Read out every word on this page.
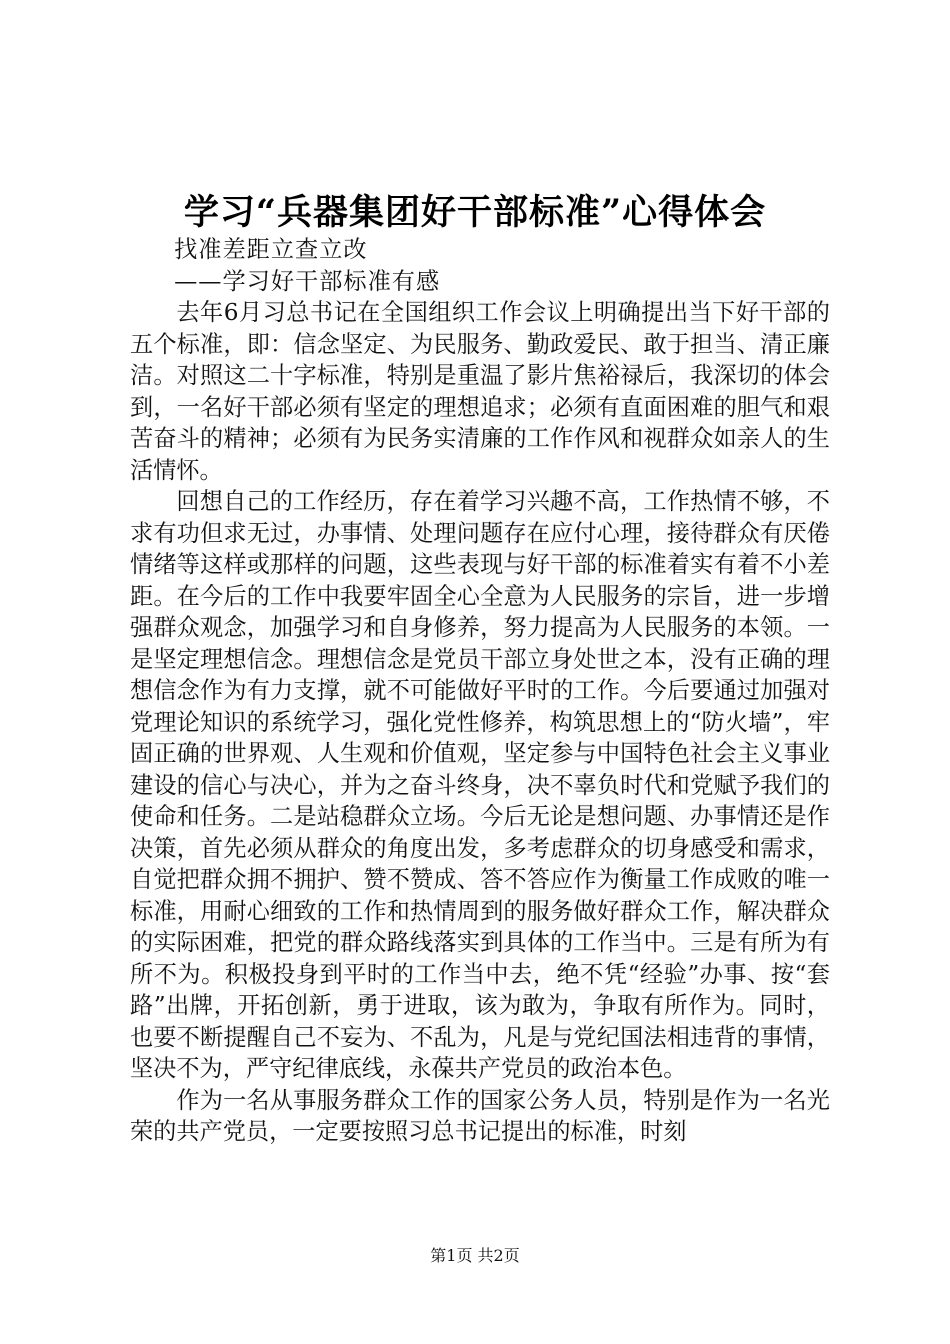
学习“兵器集团好干部标准”心得体会

找准差距立查立改

——学习好干部标准有感

去年6月习总书记在全国组织工作会议上明确提出当下好干部的五个标准，即：信念坚定、为民服务、勤政爱民、敢于担当、清正廉洁。对照这二十字标准，特别是重温了影片焦裕禄后，我深切的体会到，一名好干部必须有坚定的理想追求；必须有直面困难的胆气和艰苦奋斗的精神；必须有为民务实清廉的工作作风和视群众如亲人的生活情怀。

回想自己的工作经历，存在着学习兴趣不高，工作热情不够，不求有功但求无过，办事情、处理问题存在应付心理，接待群众有厌倦情绪等这样或那样的问题，这些表现与好干部的标准着实有着不小差距。在今后的工作中我要牢固全心全意为人民服务的宗旨，进一步增强群众观念，加强学习和自身修养，努力提高为人民服务的本领。一是坚定理想信念。理想信念是党员干部立身处世之本，没有正确的理想信念作为有力支撑，就不可能做好平时的工作。今后要通过加强对党理论知识的系统学习，强化党性修养，构筑思想上的“防火墙”，牢固正确的世界观、人生观和价值观，坚定参与中国特色社会主义事业建设的信心与决心，并为之奋斗终身，决不辜负时代和党赋予我们的使命和任务。二是站稳群众立场。今后无论是想问题、办事情还是作决策，首先必须从群众的角度出发，多考虑群众的切身感受和需求，自觉把群众拥不拥护、赞不赞成、答不答应作为衡量工作成败的唯一标准，用耐心细致的工作和热情周到的服务做好群众工作，解决群众的实际困难，把党的群众路线落实到具体的工作当中。三是有所为有所不为。积极投身到平时的工作当中去，绝不凭“经验”办事、按“套路”出牌，开拓创新，勇于进取，该为敢为，争取有所作为。同时，也要不断提醒自己不妄为、不乱为，凡是与党纪国法相违背的事情，坚决不为，严守纪律底线，永葆共产党员的政治本色。

作为一名从事服务群众工作的国家公务人员，特别是作为一名光荣的共产党员，一定要按照习总书记提出的标准，时刻

第1页 共2页
